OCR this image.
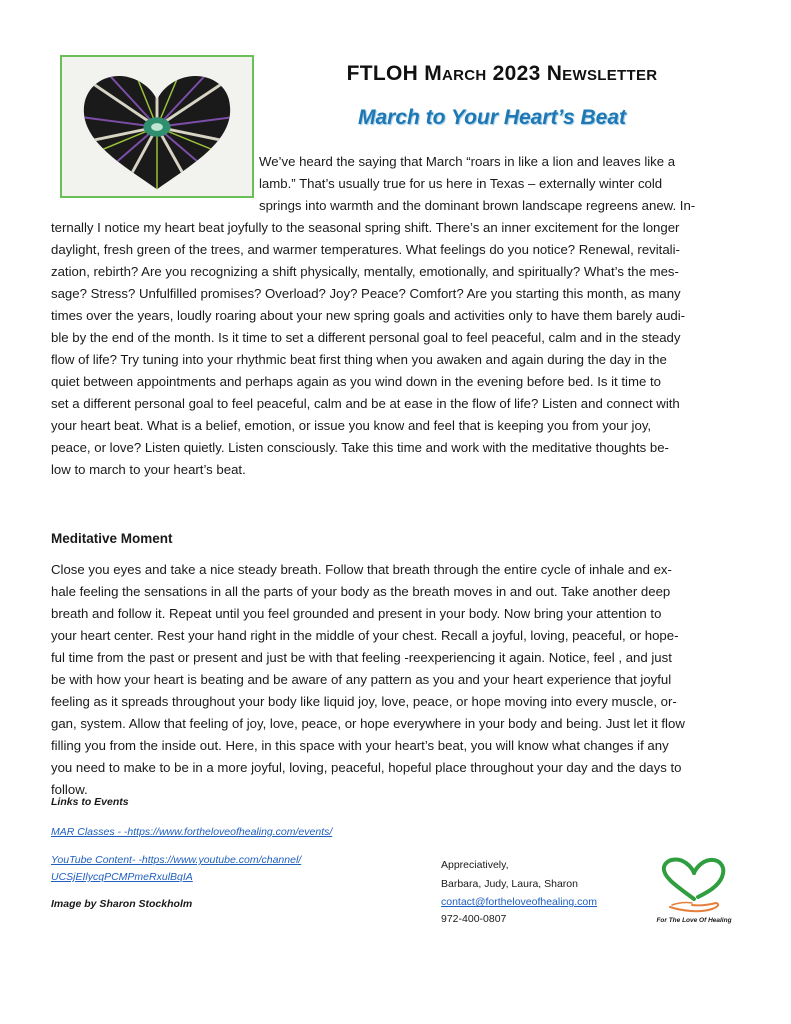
FTLOH March 2023 Newsletter
March to Your Heart’s Beat
We’ve heard the saying that March “roars in like a lion and leaves like a
lamb.” That’s usually true for us here in Texas – externally winter cold
springs into warmth and the dominant brown landscape regreens anew. In-
ternally I notice my heart beat joyfully to the seasonal spring shift. There’s an inner excitement for the longer
daylight, fresh green of the trees, and warmer temperatures. What feelings do you notice? Renewal, revitali-
zation, rebirth? Are you recognizing a shift physically, mentally, emotionally, and spiritually? What’s the mes-
sage? Stress? Unfulfilled promises? Overload? Joy? Peace? Comfort? Are you starting this month, as many
times over the years, loudly roaring about your new spring goals and activities only to have them barely audi-
ble by the end of the month. Is it time to set a different personal goal to feel peaceful, calm and in the steady
flow of life? Try tuning into your rhythmic beat first thing when you awaken and again during the day in the
quiet between appointments and perhaps again as you wind down in the evening before bed. Is it time to
set a different personal goal to feel peaceful, calm and be at ease in the flow of life? Listen and connect with
your heart beat. What is a belief, emotion, or issue you know and feel that is keeping you from your joy,
peace, or love? Listen quietly. Listen consciously. Take this time and work with the meditative thoughts be-
low to march to your heart’s beat.
Meditative Moment
Close you eyes and take a nice steady breath. Follow that breath through the entire cycle of inhale and ex-
hale feeling the sensations in all the parts of your body as the breath moves in and out. Take another deep
breath and follow it. Repeat until you feel grounded and present in your body. Now bring your attention to
your heart center. Rest your hand right in the middle of your chest. Recall a joyful, loving, peaceful, or hope-
ful time from the past or present and just be with that feeling -reexperiencing it again. Notice, feel , and just
be with how your heart is beating and be aware of any pattern as you and your heart experience that joyful
feeling as it spreads throughout your body like liquid joy, love, peace, or hope moving into every muscle, or-
gan, system. Allow that feeling of joy, love, peace, or hope everywhere in your body and being. Just let it flow
filling you from the inside out. Here, in this space with your heart’s beat, you will know what changes if any
you need to make to be in a more joyful, loving, peaceful, hopeful place throughout your day and the days to
follow.

Links to Events

MAR Classes - -https://www.fortheloveofhealing.com/events/
YouTube Content- -https://www.youtube.com/channel/
UCSjEIlycqPCMPmeRxulBqIA

Image by Sharon Stockholm

Appreciatively,

Barbara, Judy, Laura, Sharon

contact@fortheloveofhealing.com

972-400-0807	For The Love Of Healing
